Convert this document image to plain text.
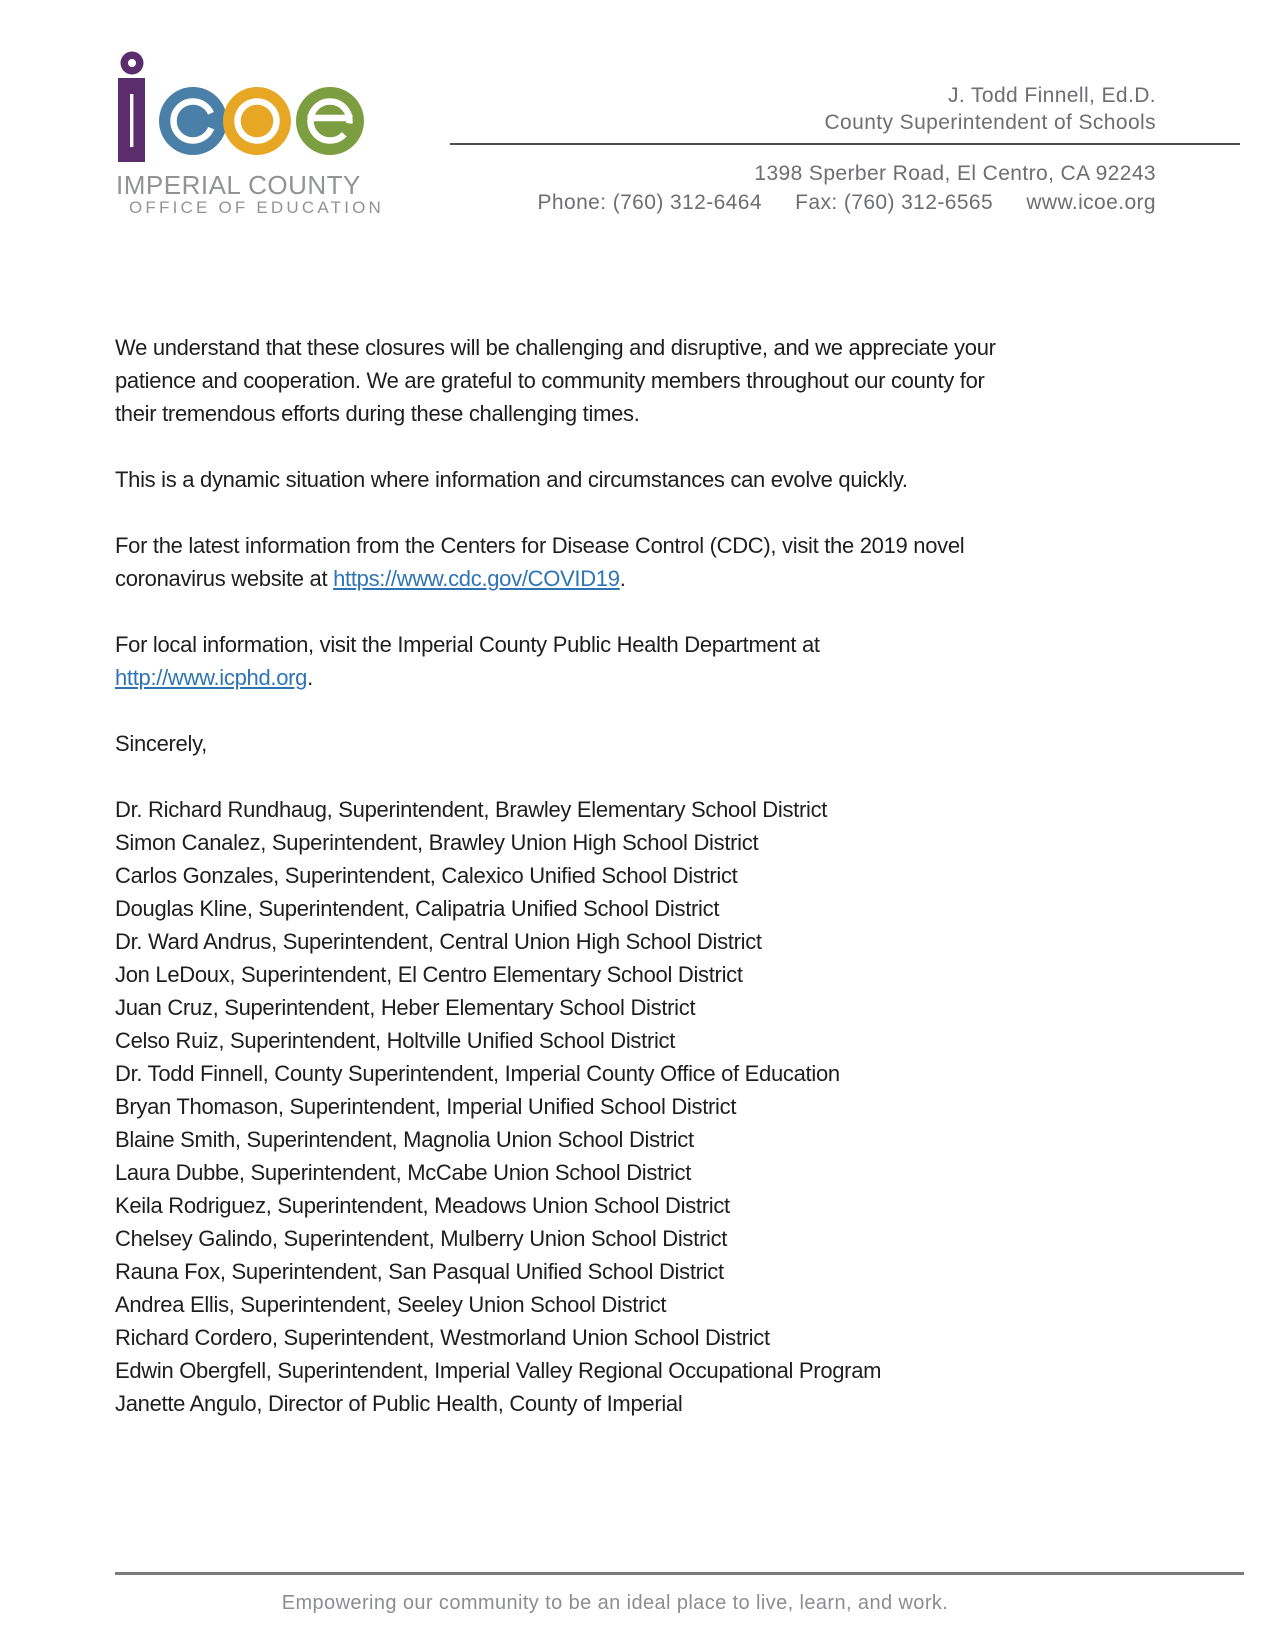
IMPERIAL COUNTY
OFFICE OF EDUCATION
J. Todd Finnell, Ed.D.
County Superintendent of Schools
1398 Sperber Road, El Centro, CA 92243
Phone: (760) 312-6464 Fax: (760) 312-6565 www.icoe.org
We understand that these closures will be challenging and disruptive, and we appreciate your
patience and cooperation. We are grateful to community members throughout our county for
their tremendous efforts during these challenging times.
This is a dynamic situation where information and circumstances can evolve quickly.
For the latest information from the Centers for Disease Control (CDC), visit the 2019 novel
coronavirus website at https://www.cdc.gov/COVID19.
For local information, visit the Imperial County Public Health Department at
http://www.icphd.org.
Sincerely,
Dr. Richard Rundhaug, Superintendent, Brawley Elementary School District
Simon Canalez, Superintendent, Brawley Union High School District
Carlos Gonzales, Superintendent, Calexico Unified School District
Douglas Kline, Superintendent, Calipatria Unified School District
Dr. Ward Andrus, Superintendent, Central Union High School District
Jon LeDoux, Superintendent, El Centro Elementary School District
Juan Cruz, Superintendent, Heber Elementary School District
Celso Ruiz, Superintendent, Holtville Unified School District
Dr. Todd Finnell, County Superintendent, Imperial County Office of Education
Bryan Thomason, Superintendent, Imperial Unified School District
Blaine Smith, Superintendent, Magnolia Union School District
Laura Dubbe, Superintendent, McCabe Union School District
Keila Rodriguez, Superintendent, Meadows Union School District
Chelsey Galindo, Superintendent, Mulberry Union School District
Rauna Fox, Superintendent, San Pasqual Unified School District
Andrea Ellis, Superintendent, Seeley Union School District
Richard Cordero, Superintendent, Westmorland Union School District
Edwin Obergfell, Superintendent, Imperial Valley Regional Occupational Program
Janette Angulo, Director of Public Health, County of Imperial
Empowering our community to be an ideal place to live, learn, and work.
